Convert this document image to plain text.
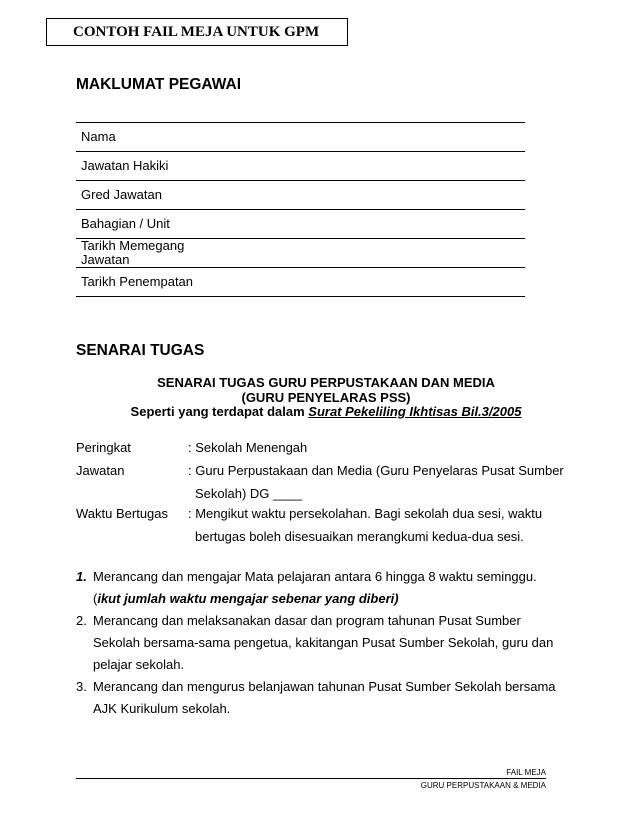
CONTOH FAIL MEJA UNTUK GPM
MAKLUMAT PEGAWAI
Nama
Jawatan Hakiki
Gred Jawatan
Bahagian / Unit
Tarikh Memegang
Jawatan
Tarikh Penempatan
SENARAI TUGAS
SENARAI TUGAS GURU PERPUSTAKAAN DAN MEDIA
(GURU PENYELARAS PSS)
Seperti yang terdapat dalam Surat Pekeliling Ikhtisas Bil.3/2005
Peringkat	: Sekolah Menengah
Jawatan	: Guru Perpustakaan dan Media (Guru Penyelaras Pusat Sumber
Sekolah) DG ____
Waktu Bertugas : Mengikut waktu persekolahan. Bagi sekolah dua sesi, waktu
bertugas boleh disesuaikan merangkumi kedua-dua sesi.
1. Merancang dan mengajar Mata pelajaran antara 6 hingga 8 waktu seminggu. (ikut jumlah waktu mengajar sebenar yang diberi)
2. Merancang dan melaksanakan dasar dan program tahunan Pusat Sumber Sekolah bersama-sama pengetua, kakitangan Pusat Sumber Sekolah, guru dan pelajar sekolah.
3. Merancang dan mengurus belanjawan tahunan Pusat Sumber Sekolah bersama AJK Kurikulum sekolah.
FAIL MEJA
GURU PERPUSTAKAAN & MEDIA
